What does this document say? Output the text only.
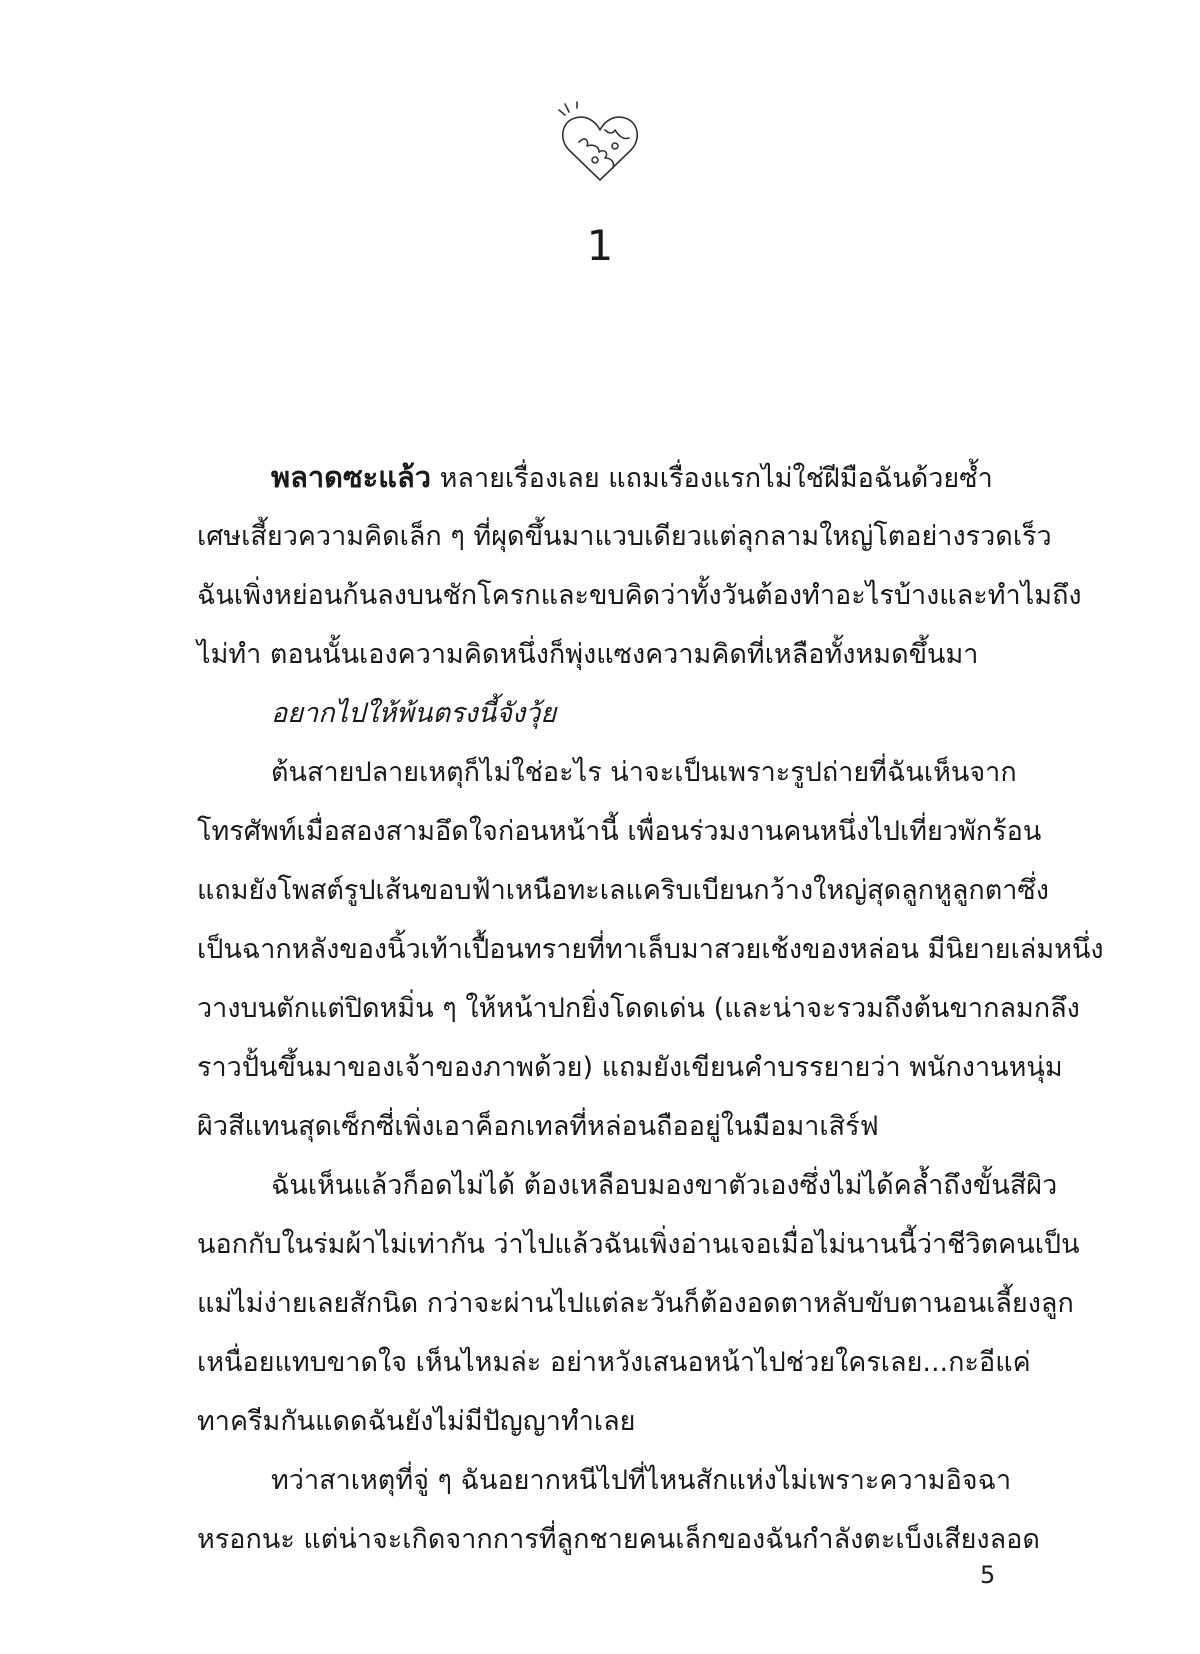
1
พลาดซะแล้ว หลายเรื่องเลย แถมเรื่องแรกไม่ใช่ฝีมือฉันด้วยซ้ำ
เศษเสี้ยวความคิดเล็ก ๆ ที่ผุดขึ้นมาแวบเดียวแต่ลุกลามใหญ่โตอย่างรวดเร็ว
ฉันเพิ่งหย่อนก้นลงบนชักโครกและขบคิดว่าทั้งวันต้องทำอะไรบ้างและทำไมถึง
ไม่ทำ ตอนนั้นเองความคิดหนึ่งก็พุ่งแซงความคิดที่เหลือทั้งหมดขึ้นมา
อยากไปให้พ้นตรงนี้จังวุ้ย
ต้นสายปลายเหตุก็ไม่ใช่อะไร น่าจะเป็นเพราะรูปถ่ายที่ฉันเห็นจาก
โทรศัพท์เมื่อสองสามอึดใจก่อนหน้านี้ เพื่อนร่วมงานคนหนึ่งไปเที่ยวพักร้อน
แถมยังโพสต์รูปเส้นขอบฟ้าเหนือทะเลแคริบเบียนกว้างใหญ่สุดลูกหูลูกตาซึ่ง
เป็นฉากหลังของนิ้วเท้าเปื้อนทรายที่ทาเล็บมาสวยเช้งของหล่อน มีนิยายเล่มหนึ่ง
วางบนตักแต่ปิดหมิ่น ๆ ให้หน้าปกยิ่งโดดเด่น (และน่าจะรวมถึงต้นขากลมกลึง
ราวปั้นขึ้นมาของเจ้าของภาพด้วย) แถมยังเขียนคำบรรยายว่า พนักงานหนุ่ม
ผิวสีแทนสุดเซ็กซี่เพิ่งเอาค็อกเทลที่หล่อนถืออยู่ในมือมาเสิร์ฟ
ฉันเห็นแล้วก็อดไม่ได้ ต้องเหลือบมองขาตัวเองซึ่งไม่ได้คล้ำถึงขั้นสีผิว
นอกกับในร่มผ้าไม่เท่ากัน ว่าไปแล้วฉันเพิ่งอ่านเจอเมื่อไม่นานนี้ว่าชีวิตคนเป็น
แม่ไม่ง่ายเลยสักนิด กว่าจะผ่านไปแต่ละวันก็ต้องอดตาหลับขับตานอนเลี้ยงลูก
เหนื่อยแทบขาดใจ เห็นไหมล่ะ อย่าหวังเสนอหน้าไปช่วยใครเลย...กะอีแค่
ทาครีมกันแดดฉันยังไม่มีปัญญาทำเลย
ทว่าสาเหตุที่จู่ ๆ ฉันอยากหนีไปที่ไหนสักแห่งไม่เพราะความอิจฉา
หรอกนะ แต่น่าจะเกิดจากการที่ลูกชายคนเล็กของฉันกำลังตะเบ็งเสียงลอด
5
